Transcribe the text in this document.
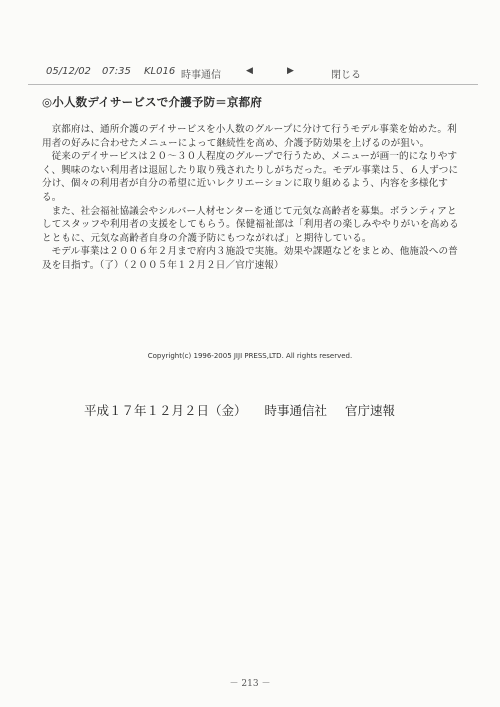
05/12/02 07:35 KL016 時事通信	◀	▶	閉じる
◎小人数デイサービスで介護予防＝京都府

京都府は、通所介護のデイサービスを小人数のグループに分けて行うモデル事業を始めた。利用者の好みに合わせたメニューによって継続性を高め、介護予防効果を上げるのが狙い。

従来のデイサービスは２０～３０人程度のグループで行うため、メニューが画一的になりやすく、興味のない利用者は退屈したり取り残されたりしがちだった。モデル事業は５、６人ずつに分け、個々の利用者が自分の希望に近いレクリエーションに取り組めるよう、内容を多様化する。

また、社会福祉協議会やシルバー人材センターを通じて元気な高齢者を募集。ボランティアとしてスタッフや利用者の支援をしてもらう。保健福祉部は「利用者の楽しみややりがいを高めるとともに、元気な高齢者自身の介護予防にもつながれば」と期待している。

モデル事業は２００６年２月まで府内３施設で実施。効果や課題などをまとめ、他施設への普及を目指す。（了）（２００５年１２月２日／官庁速報）

Copyright(c) 1996-2005 JIJI PRESS,LTD. All rights reserved.
平成１７年１２月２日（金） 時事通信社 官庁速報
－ 213 －
